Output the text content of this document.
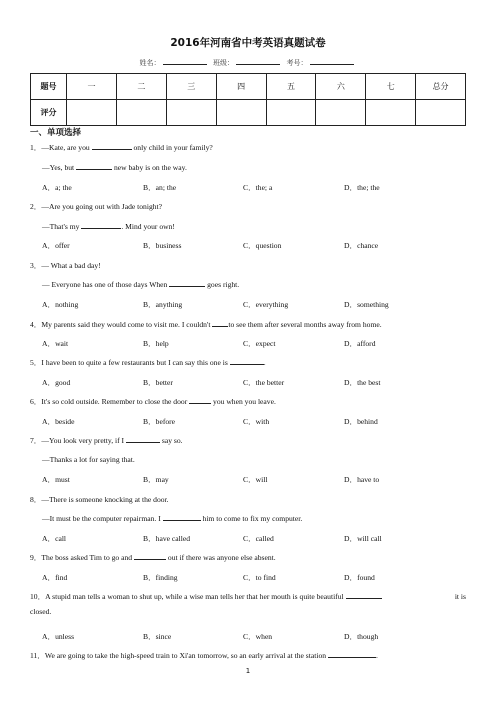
2016年河南省中考英语真题试卷
姓名：	班级：	考号：
题号	一	二	三	四	五	六	七	总分
评分								
一、单项选择
1．—Kate, are you	only child in your family?
—Yes, but	new baby is on the way.
A．a; the	B．an; the	C．the; a	D．the; the
2．—Are you going out with Jade tonight?
—That's my	. Mind your own!
A．offer	B．business	C．question	D．chance
3．— What a bad day!
— Everyone has one of those days When	goes right.
A．nothing	B．anything	C．everything	D．something
4．My parents said they would come to visit me. I couldn't to see them after several months away from home.
A．wait	B．help	C．expect	D．afford
5．I have been to quite a few restaurants but I can say this one is	.
A．good	B．better	C．the better	D．the best
6．It's so cold outside. Remember to close the door	you when you leave.
A．beside	B．before	C．with	D．behind
7．—You look very pretty, if I	say so.
—Thanks a lot for saying that.
A．must	B．may	C．will	D．have to
8．—There is someone knocking at the door.
—It must be the computer repairman. I	him to come to fix my computer.
A．call	B．have called	C．called	D．will call
9．The boss asked Tim to go and	out if there was anyone else absent.
A．find	B．finding	C．to find	D．found
it is
10．A stupid man tells a woman to shut up, while a wise man tells her that her mouth is quite beautiful
closed.
A．unless	B．since	C．when	D．though
11．We are going to take the high-speed train to Xi'an tomorrow, so an early arrival at the station	.
1
